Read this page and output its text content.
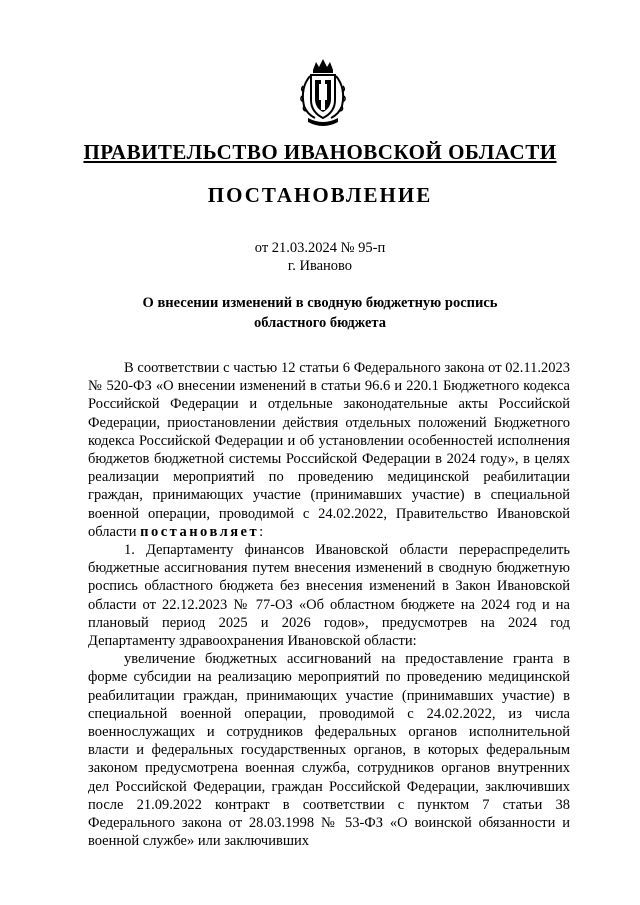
ПРАВИТЕЛЬСТВО ИВАНОВСКОЙ ОБЛАСТИ
ПОСТАНОВЛЕНИЕ
от 21.03.2024 № 95-п
г. Иваново
О внесении изменений в сводную бюджетную роспись
областного бюджета

В соответствии с частью 12 статьи 6 Федерального закона от 02.11.2023 № 520-ФЗ «О внесении изменений в статьи 96.6 и 220.1 Бюджетного кодекса Российской Федерации и отдельные законодательные акты Российской Федерации, приостановлении действия отдельных положений Бюджетного кодекса Российской Федерации и об установлении особенностей исполнения бюджетов бюджетной системы Российской Федерации в 2024 году», в целях реализации мероприятий по проведению медицинской реабилитации граждан, принимающих участие (принимавших участие) в специальной военной операции, проводимой с 24.02.2022, Правительство Ивановской области постановляет:

1. Департаменту финансов Ивановской области перераспределить бюджетные ассигнования путем внесения изменений в сводную бюджетную роспись областного бюджета без внесения изменений в Закон Ивановской области от 22.12.2023 № 77-ОЗ «Об областном бюджете на 2024 год и на плановый период 2025 и 2026 годов», предусмотрев на 2024 год Департаменту здравоохранения Ивановской области:

увеличение бюджетных ассигнований на предоставление гранта в форме субсидии на реализацию мероприятий по проведению медицинской реабилитации граждан, принимающих участие (принимавших участие) в специальной военной операции, проводимой с 24.02.2022, из числа военнослужащих и сотрудников федеральных органов исполнительной власти и федеральных государственных органов, в которых федеральным законом предусмотрена военная служба, сотрудников органов внутренних дел Российской Федерации, граждан Российской Федерации, заключивших после 21.09.2022 контракт в соответствии с пунктом 7 статьи 38 Федерального закона от 28.03.1998 № 53-ФЗ «О воинской обязанности и военной службе» или заключивших
